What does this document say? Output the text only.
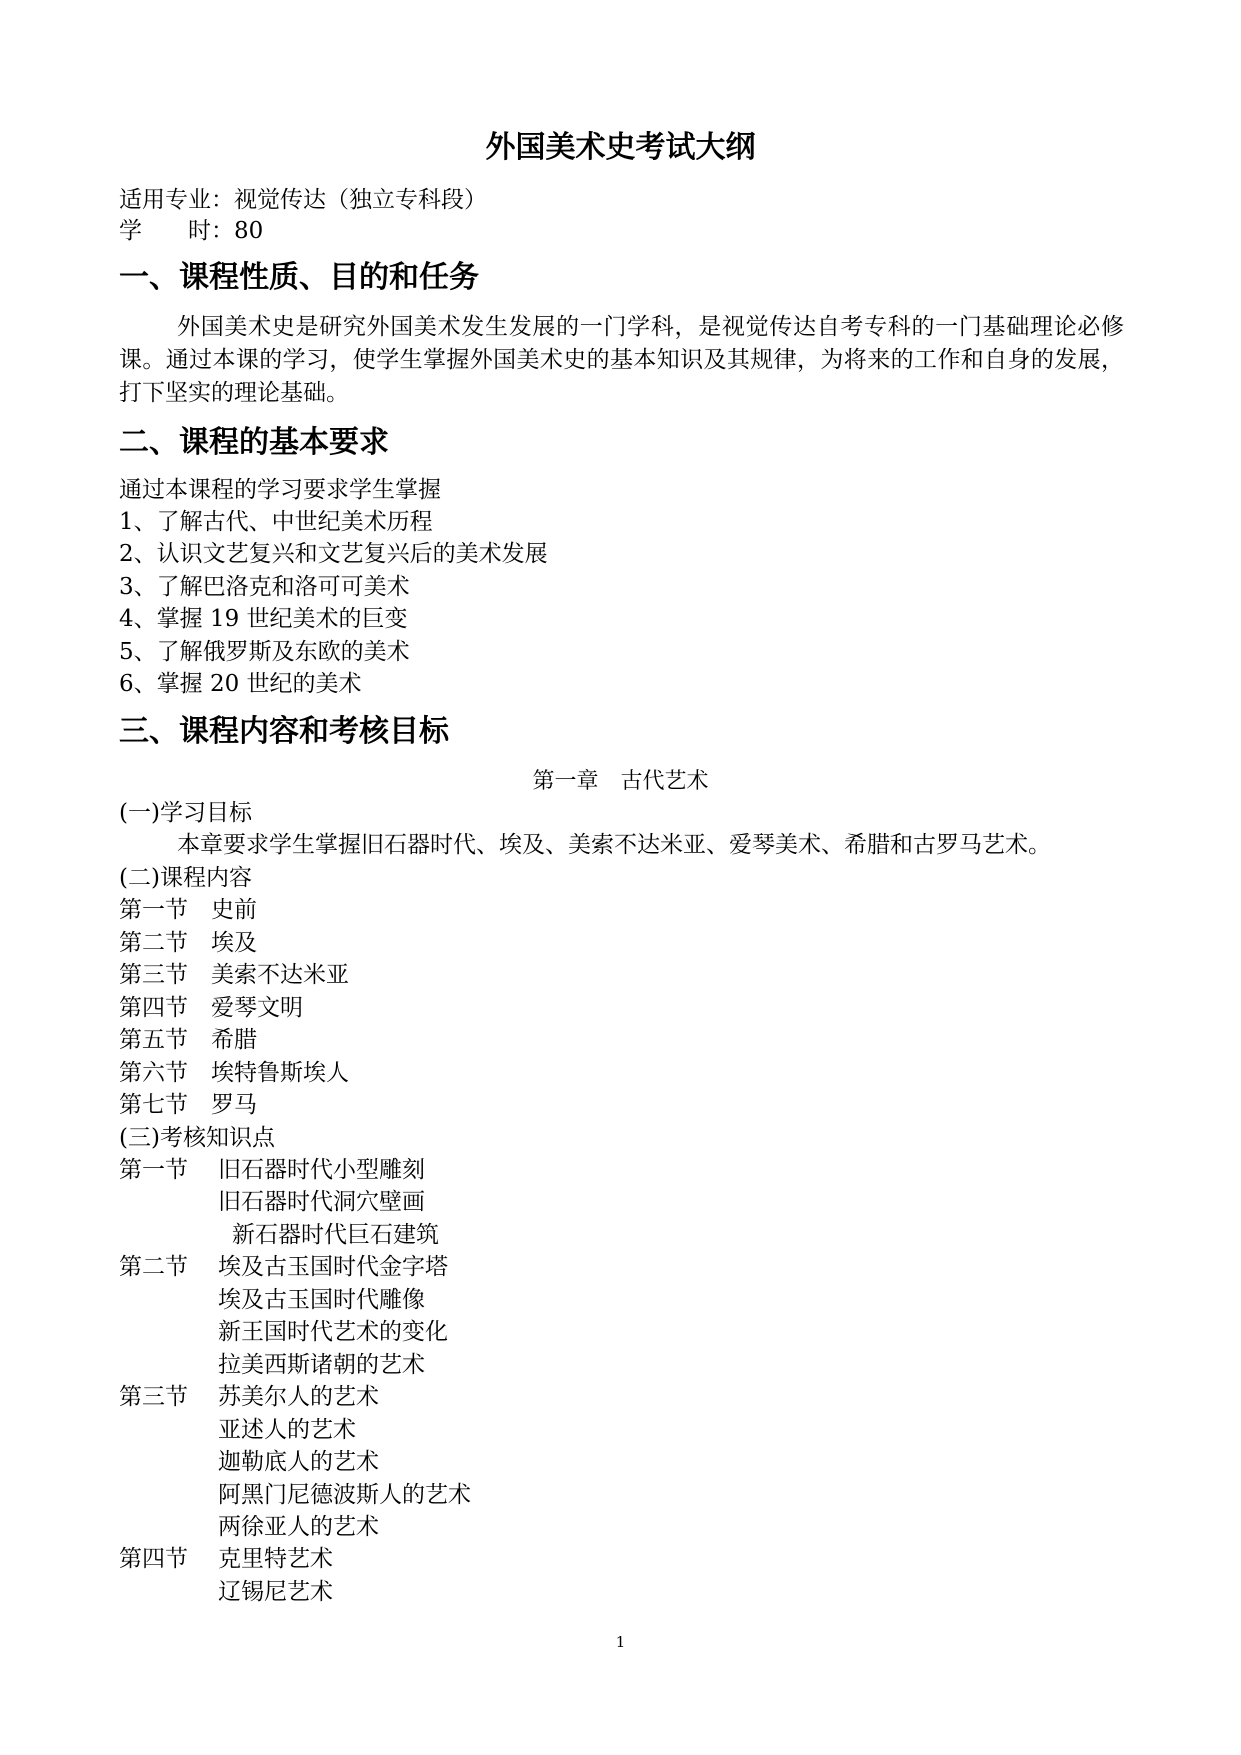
外国美术史考试大纲
适用专业：视觉传达（独立专科段）
学　　时：80
一、课程性质、目的和任务
外国美术史是研究外国美术发生发展的一门学科，是视觉传达自考专科的一门基础理论必修课。通过本课的学习，使学生掌握外国美术史的基本知识及其规律，为将来的工作和自身的发展，打下坚实的理论基础。
二、课程的基本要求
通过本课程的学习要求学生掌握
1、了解古代、中世纪美术历程
2、认识文艺复兴和文艺复兴后的美术发展
3、了解巴洛克和洛可可美术
4、掌握 19 世纪美术的巨变
5、了解俄罗斯及东欧的美术
6、掌握 20 世纪的美术
三、课程内容和考核目标
第一章　古代艺术
(一)学习目标
本章要求学生掌握旧石器时代、埃及、美索不达米亚、爱琴美术、希腊和古罗马艺术。
(二)课程内容
第一节　史前
第二节　埃及
第三节　美索不达米亚
第四节　爱琴文明
第五节　希腊
第六节　埃特鲁斯埃人
第七节　罗马
(三)考核知识点
第一节 旧石器时代小型雕刻
旧石器时代洞穴壁画
新石器时代巨石建筑
第二节 埃及古玉国时代金字塔
埃及古玉国时代雕像
新王国时代艺术的变化
拉美西斯诸朝的艺术
第三节 苏美尔人的艺术
亚述人的艺术
迦勒底人的艺术
阿黑门尼德波斯人的艺术
两徐亚人的艺术
第四节 克里特艺术
辽锡尼艺术
1
